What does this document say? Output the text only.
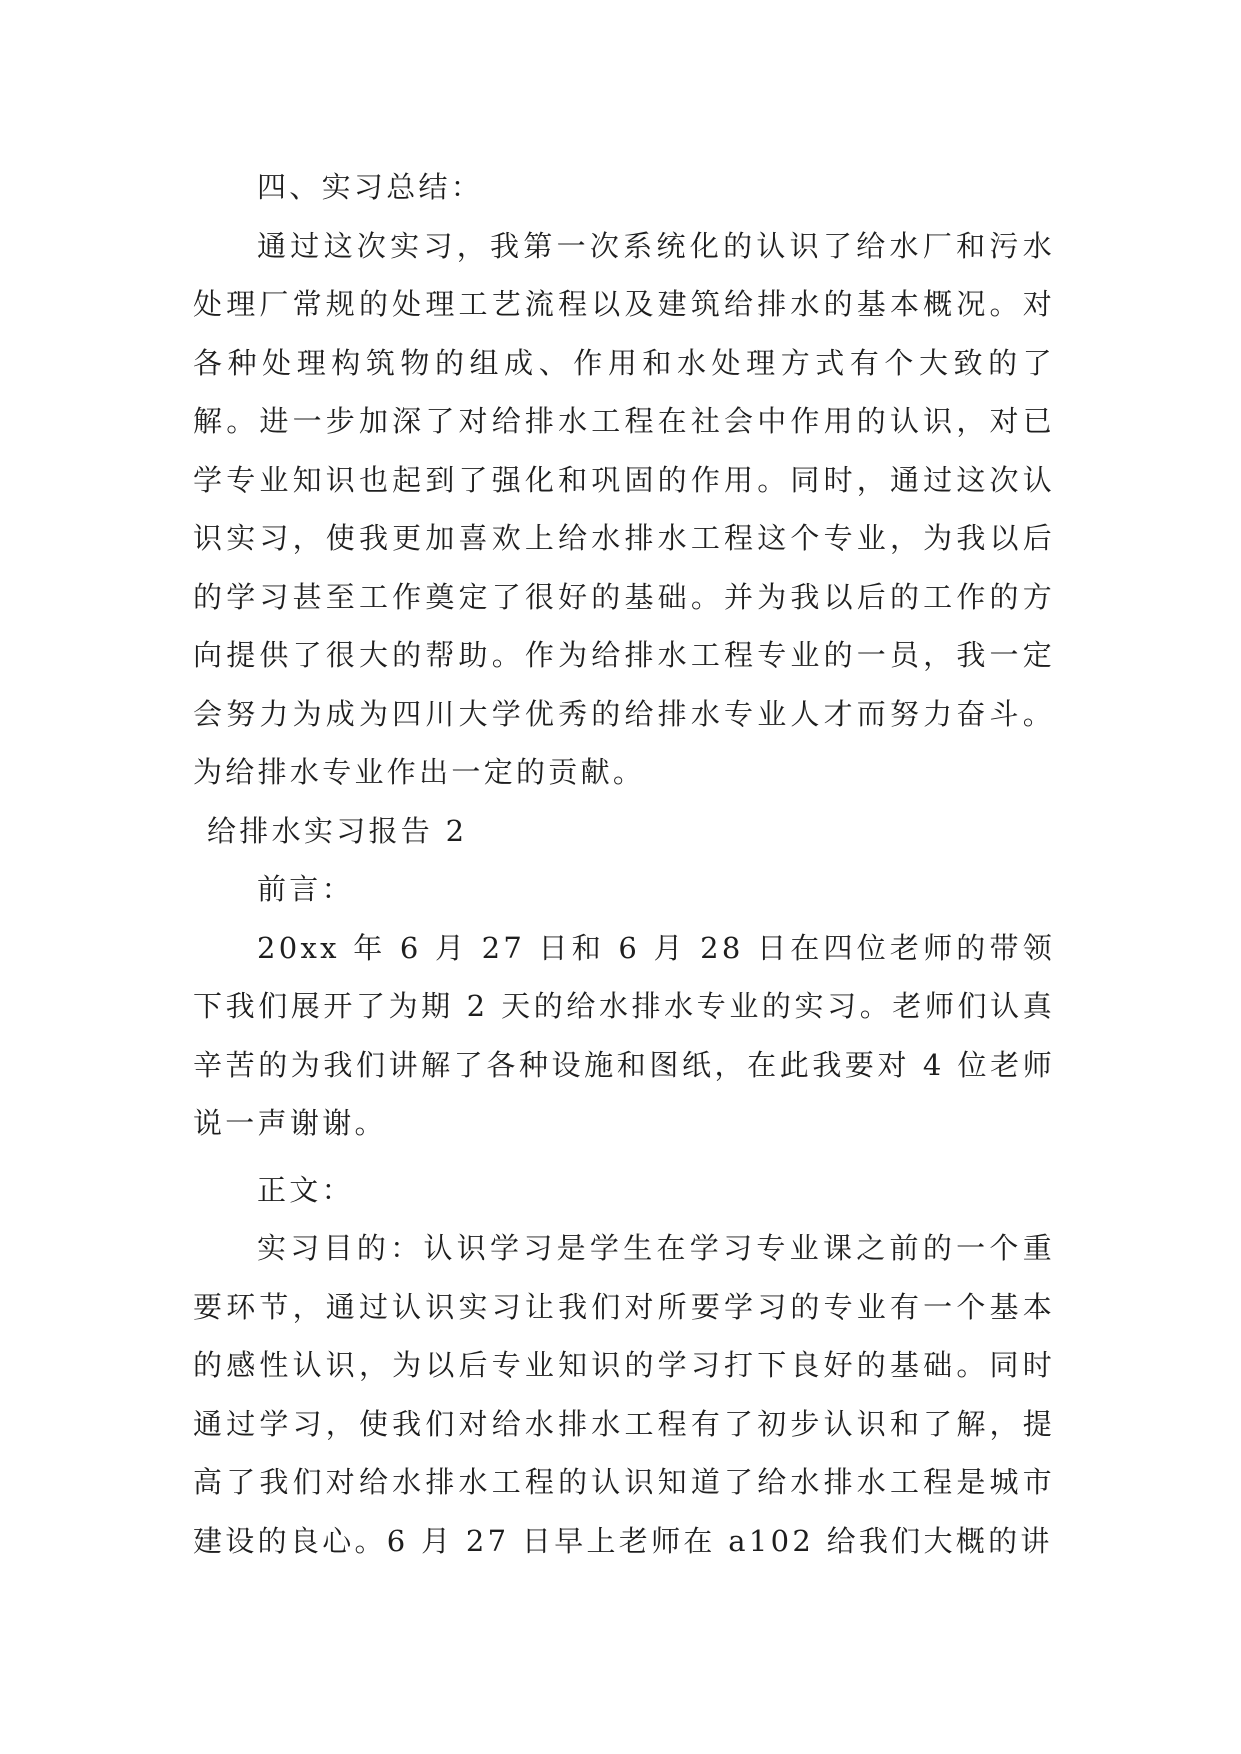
四、实习总结：

通过这次实习，我第一次系统化的认识了给水厂和污水处理厂常规的处理工艺流程以及建筑给排水的基本概况。对各种处理构筑物的组成、作用和水处理方式有个大致的了解。进一步加深了对给排水工程在社会中作用的认识，对已学专业知识也起到了强化和巩固的作用。同时，通过这次认识实习，使我更加喜欢上给水排水工程这个专业，为我以后的学习甚至工作奠定了很好的基础。并为我以后的工作的方向提供了很大的帮助。作为给排水工程专业的一员，我一定会努力为成为四川大学优秀的给排水专业人才而努力奋斗。为给排水专业作出一定的贡献。

给排水实习报告 2

前言：

20xx 年 6 月 27 日和 6 月 28 日在四位老师的带领下我们展开了为期 2 天的给水排水专业的实习。老师们认真辛苦的为我们讲解了各种设施和图纸，在此我要对 4 位老师说一声谢谢。

正文：

实习目的：认识学习是学生在学习专业课之前的一个重要环节，通过认识实习让我们对所要学习的专业有一个基本的感性认识，为以后专业知识的学习打下良好的基础。同时通过学习，使我们对给水排水工程有了初步认识和了解，提高了我们对给水排水工程的认识知道了给水排水工程是城市建设的良心。6 月 27 日早上老师在 a102 给我们大概的讲
